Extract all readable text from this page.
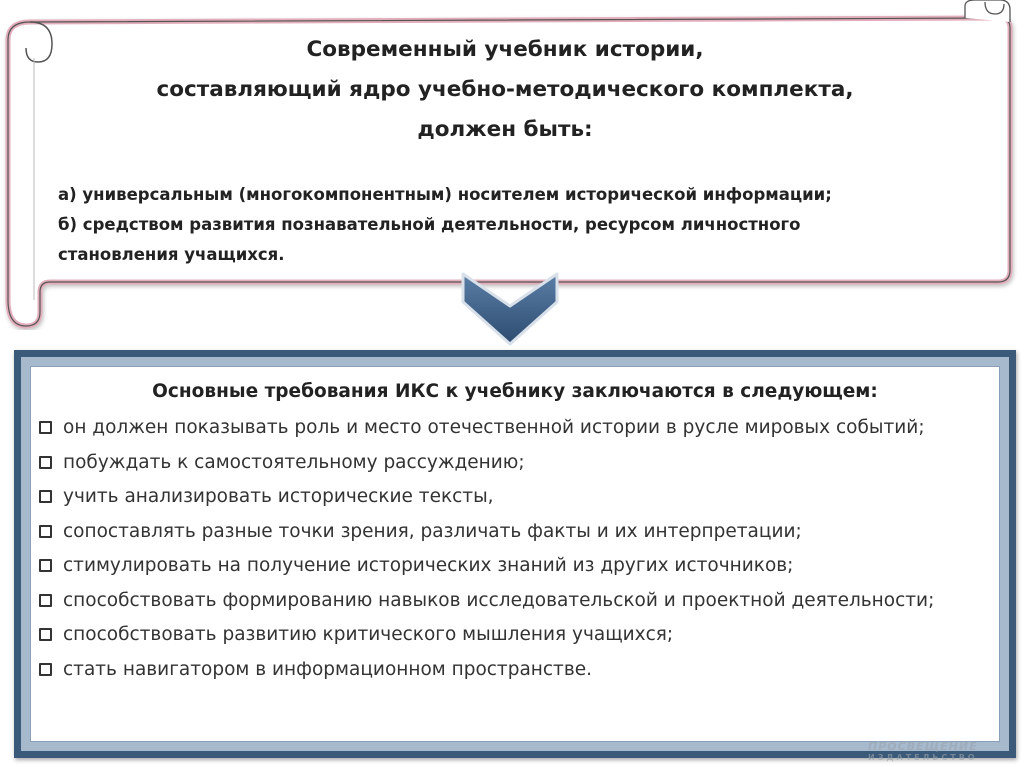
Современный учебник истории,
составляющий ядро учебно-методического комплекта,
должен быть:
а) универсальным (многокомпонентным) носителем исторической информации;
б) средством развития познавательной деятельности, ресурсом личностного
становления учащихся.
Основные требования ИКС к учебнику заключаются в следующем:
он должен показывать роль и место отечественной истории в русле мировых событий;
побуждать к самостоятельному рассуждению;
учить анализировать исторические тексты,
сопоставлять разные точки зрения, различать факты и их интерпретации;
стимулировать на получение исторических знаний из других источников;
способствовать формированию навыков исследовательской и проектной деятельности;
способствовать развитию критического мышления учащихся;
стать навигатором в информационном пространстве.
ПРОСВЕЩЕНИЕ
ИЗДАТЕЛЬСТВО
